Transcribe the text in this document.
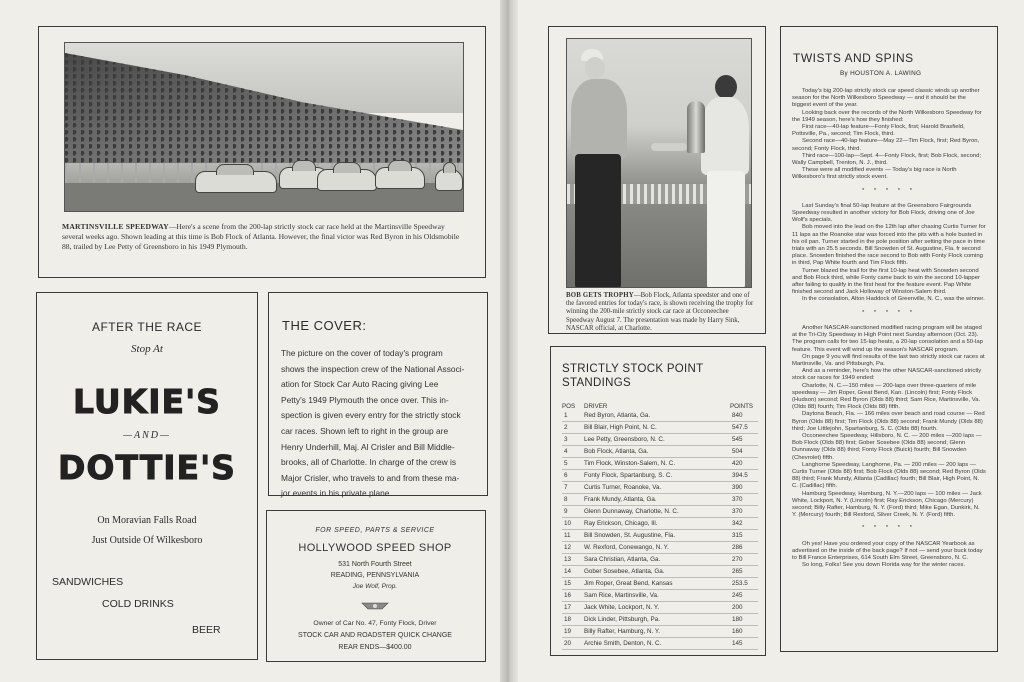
MARTINSVILLE SPEEDWAY—Here's a scene from the 200-lap strictly stock car race held at the Martinsville Speedway several weeks ago. Shown leading at this time is Bob Flock of Atlanta. However, the final victor was Red Byron in his Oldsmobile 88, trailed by Lee Petty of Greensboro in his 1949 Plymouth.
AFTER THE RACE
Stop At
LUKIE'S
—AND—
DOTTIE'S
On Moravian Falls Road
Just Outside Of Wilkesboro
SANDWICHES
COLD DRINKS
BEER
THE COVER:
The picture on the cover of today's program
shows the inspection crew of the National Associ-
ation for Stock Car Auto Racing giving Lee
Petty's 1949 Plymouth the once over. This in-
spection is given every entry for the strictly stock
car races. Shown left to right in the group are
Henry Underhill, Maj. Al Crisler and Bill Middle-
brooks, all of Charlotte. In charge of the crew is
Major Crisler, who travels to and from these ma-
jor events in his private plane.
FOR SPEED, PARTS & SERVICE
HOLLYWOOD SPEED SHOP
531 North Fourth Street
READING, PENNSYLVANIA
Joe Wolf, Prop.
Owner of Car No. 47, Fonty Flock, Driver
STOCK CAR AND ROADSTER QUICK CHANGE
REAR ENDS—$400.00
BOB GETS TROPHY—Bob Flock, Atlanta speedster and one of the favored entries for today's race, is shown receiving the trophy for winning the 200-mile strictly stock car race at Occoneechee Speedway August 7. The presentation was made by Harry Sink, NASCAR official, at Charlotte.
STRICTLY STOCK POINT
STANDINGS
POS DRIVER	POINTS
1	Red Byron, Atlanta, Ga.	840
2	Bill Blair, High Point, N. C.	547.5
3	Lee Petty, Greensboro, N. C.	545
4	Bob Flock, Atlanta, Ga.	504
5	Tim Flock, Winston-Salem, N. C.	420
6	Fonty Flock, Spartanburg, S. C.	394.5
7	Curtis Turner, Roanoke, Va.	390
8	Frank Mundy, Atlanta, Ga.	370
9	Glenn Dunnaway, Charlotte, N. C.	370
10 Ray Erickson, Chicago, Ill.	342
11 Bill Snowden, St. Augustine, Fla.	315
12 W. Rexford, Conewango, N. Y.	286
13 Sara Christian, Atlanta, Ga.	270
14 Gober Sosebee, Atlanta, Ga.	265
15 Jim Roper, Great Bend, Kansas	253.5
16 Sam Rice, Martinsville, Va.	245
17 Jack White, Lockport, N. Y.	200
18 Dick Linder, Pittsburgh, Pa.	180
19 Billy Rafter, Hamburg, N. Y.	160
20 Archie Smith, Denton, N. C.	145
TWISTS AND SPINS
By HOUSTON A. LAWING

Today's big 200-lap strictly stock car speed classic winds up another season for the North Wilkesboro Speedway — and it should be the biggest event of the year.

Looking back over the records of the North Wilkesboro Speedway for the 1949 season, here's how they finished:

First race—40-lap feature—Fonty Flock, first; Harold Brasfield, Pottsville, Pa., second; Tim Flock, third.

Second race—40-lap feature—May 22—Tim Flock, first; Red Byron, second; Fonty Flock, third.

Third race—100-lap—Sept. 4—Fonty Flock, first; Bob Flock, second; Wally Campbell, Trenton, N. J., third.

These were all modified events — Today's big race is North Wilkesboro's first strictly stock event.

* * * * *

Last Sunday's final 50-lap feature at the Greensboro Fairgrounds Speedway resulted in another victory for Bob Flock, driving one of Joe Wolf's specials.

Bob moved into the lead on the 12th lap after chasing Curtis Turner for 11 laps as the Roanoke star was forced into the pits with a hole busted in his oil pan. Turner started in the pole position after setting the pace in time trials with an 25.5 seconds. Bill Snowden of St. Augustine, Fla. fr second place. Snowden finished the race second to Bob with Fonty Flock coming in third, Pap White fourth and Tim Flock fifth.

Turner blazed the trail for the first 10-lap heat with Snowden second and Bob Flock third, while Fonty came back to win the second 10-lapper after failing to qualify in the first heat for the feature event. Pap White finished second and Jack Holloway of Winston-Salem third.

In the consolation, Alton Haddock of Greenville, N. C., was the winner.

* * * * *

Another NASCAR-sanctioned modified racing program will be staged at the Tri-City Speedway in High Point next Sunday afternoon (Oct. 23). The program calls for two 15-lap heats, a 20-lap consolation and a 50-lap feature. This event will wind up the season's NASCAR program.

On page 9 you will find results of the last two strictly stock car races at Martinsville, Va. and Pittsburgh, Pa.

And as a reminder, here's how the other NASCAR-sanctioned strictly stock car races for 1949 ended:

Charlotte, N. C.—150 miles — 200-laps over three-quarters of mile speedway — Jim Roper, Great Bend, Kan. (Lincoln) first; Fonty Flock (Hudson) second; Red Byron (Olds 88) third; Sam Rice, Martinsville, Va. (Olds 88) fourth; Tim Flock (Olds 88) fifth.

Daytona Beach, Fla. — 166 miles over beach and road course — Red Byron (Olds 88) first; Tim Flock (Olds 88) second; Frank Mundy (Olds 88) third; Joe Littlejohn, Spartanburg, S. C. (Olds 88) fourth.

Occoneechee Speedway, Hillsboro, N. C. — 200 miles —200 laps — Bob Flock (Olds 88) first; Gober Sosebee (Olds 88) second; Glenn Dunnaway (Olds 88) third; Fonty Flock (Buick) fourth; Bill Snowden (Chevrolet) fifth.

Langhorne Speedway, Langhorne, Pa. — 200 miles — 200 laps — Curtis Turner (Olds 88) first; Bob Flock (Olds 88) second; Red Byron (Olds 88) third; Frank Mundy, Atlanta (Cadillac) fourth; Bill Blair, High Point, N. C. (Cadillac) fifth.

Hamburg Speedway, Hamburg, N. Y.—200 laps — 100 miles — Jack White, Lockport, N. Y. (Lincoln) first; Ray Erickson, Chicago (Mercury) second; Billy Rafter, Hamburg, N. Y. (Ford) third; Mike Egan, Dunkirk, N. Y. (Mercury) fourth; Bill Rexford, Silver Creek, N. Y. (Ford) fifth.

* * * * *

Oh yes! Have you ordered your copy of the NASCAR Yearbook as advertised on the inside of the back page? If not — send your buck today to Bill France Enterprises, 614 South Elm Street, Greensboro, N. C.

So long, Folks! See you down Florida way for the winter races.
